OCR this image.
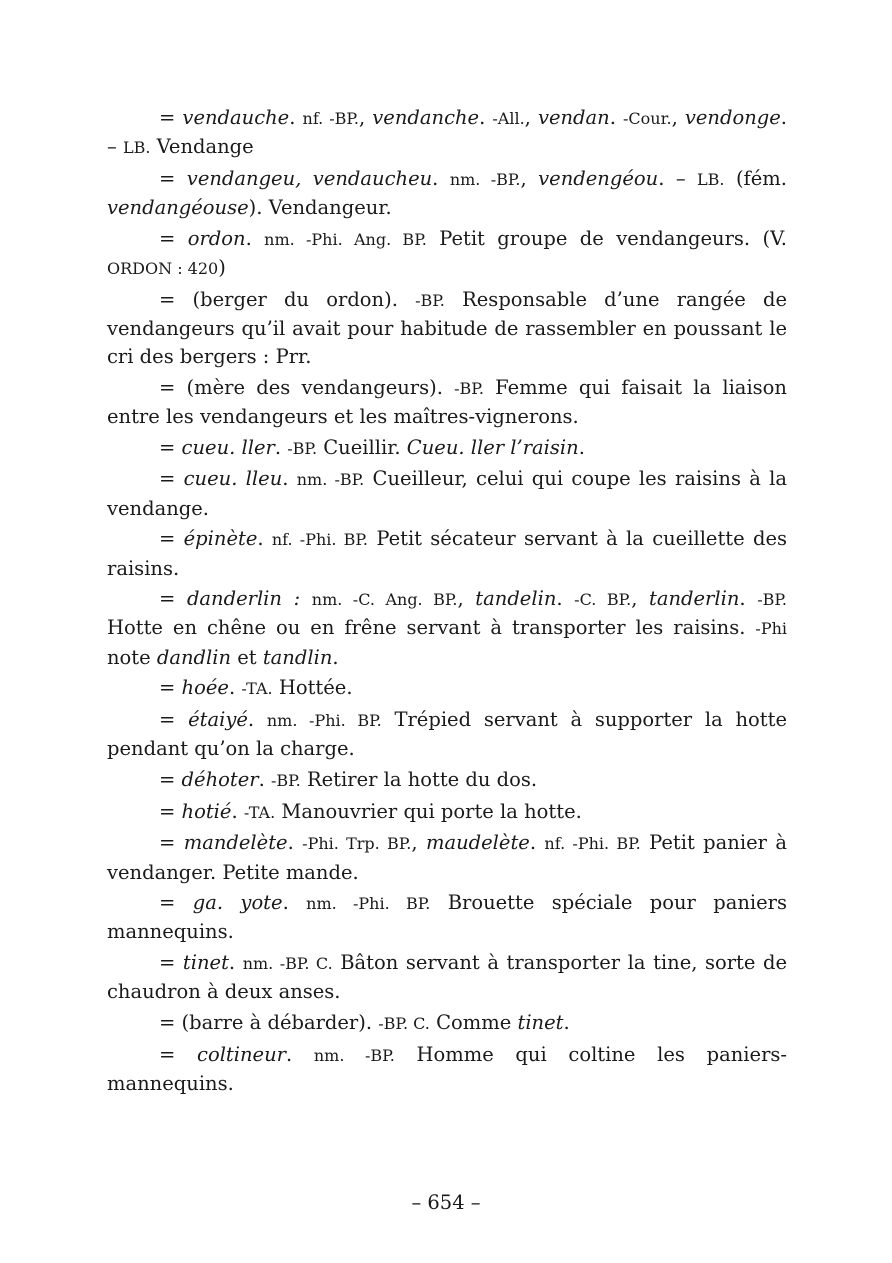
= vendauche. nf. -BP., vendanche. -All., vendan. -Cour., vendonge. – LB. Vendange

= vendangeu, vendaucheu. nm. -BP., vendengéou. – LB. (fém. vendangéouse). Vendangeur.

= ordon. nm. -Phi. Ang. BP. Petit groupe de vendangeurs. (V. ORDON : 420)

= (berger du ordon). -BP. Responsable d’une rangée de vendangeurs qu’il avait pour habitude de rassembler en poussant le cri des bergers : Prr.

= (mère des vendangeurs). -BP. Femme qui faisait la liaison entre les vendangeurs et les maîtres-vignerons.

= cueu. ller. -BP. Cueillir. Cueu. ller l’raisin.

= cueu. lleu. nm. -BP. Cueilleur, celui qui coupe les raisins à la vendange.

= épinète. nf. -Phi. BP. Petit sécateur servant à la cueillette des raisins.

= danderlin : nm. -C. Ang. BP., tandelin. -C. BP., tanderlin. -BP. Hotte en chêne ou en frêne servant à transporter les raisins. -Phi note dandlin et tandlin.

= hoée. -TA. Hottée.

= étaiyé. nm. -Phi. BP. Trépied servant à supporter la hotte pendant qu’on la charge.

= déhoter. -BP. Retirer la hotte du dos.

= hotié. -TA. Manouvrier qui porte la hotte.

= mandelète. -Phi. Trp. BP., maudelète. nf. -Phi. BP. Petit panier à vendanger. Petite mande.

= ga. yote. nm. -Phi. BP. Brouette spéciale pour paniers mannequins.

= tinet. nm. -BP. C. Bâton servant à transporter la tine, sorte de chaudron à deux anses.

= (barre à débarder). -BP. C. Comme tinet.

= coltineur. nm. -BP. Homme qui coltine les paniers-mannequins.

– 654 –
